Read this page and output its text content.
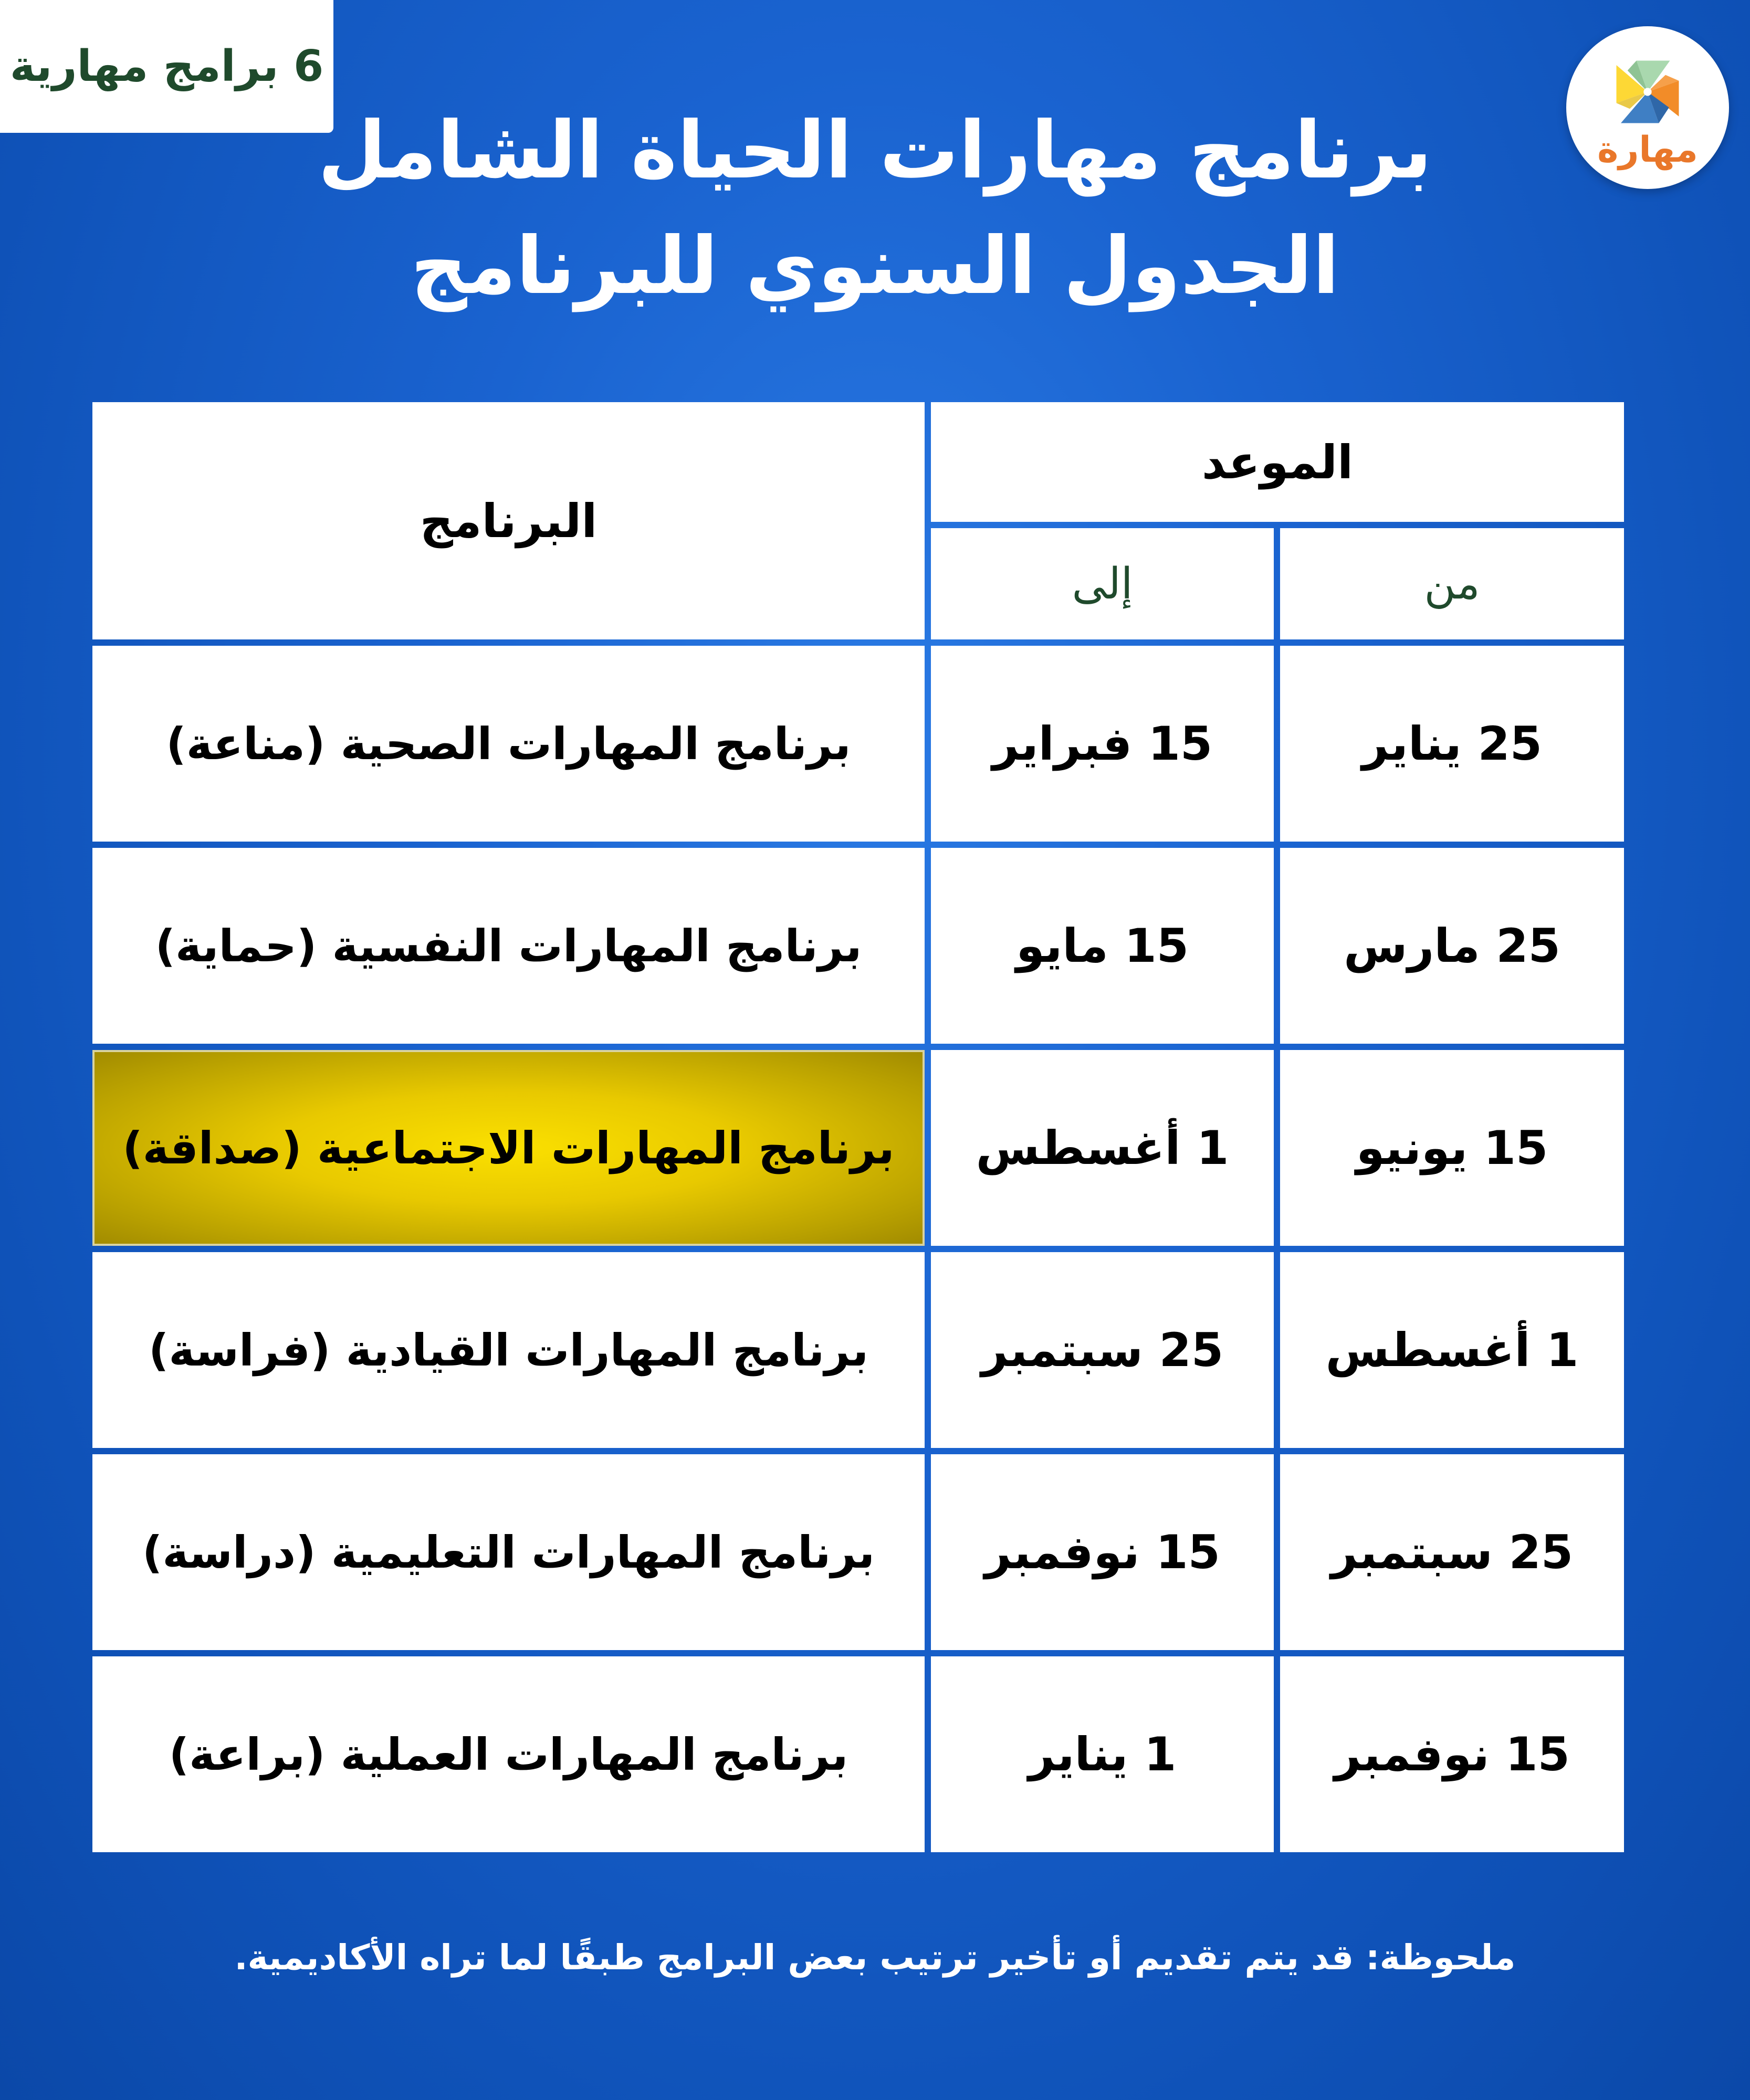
6 برامج مهارية
مهارة
برنامج مهارات الحياة الشامل
الجدول السنوي للبرنامج
البرنامج
الموعد
إلى	من
برنامج المهارات الصحية (مناعة)	15 فبراير	25 يناير
برنامج المهارات النفسية (حماية)	15 مايو	25 مارس
برنامج المهارات الاجتماعية (صداقة) 1 أغسطس	15 يونيو
برنامج المهارات القيادية (فراسة) 25 سبتمبر 1 أغسطس
برنامج المهارات التعليمية (دراسة) 15 نوفمبر 25 سبتمبر
برنامج المهارات العملية (براعة)	1 يناير	15 نوفمبر
ملحوظة: قد يتم تقديم أو تأخير ترتيب بعض البرامج طبقًا لما تراه الأكاديمية.
